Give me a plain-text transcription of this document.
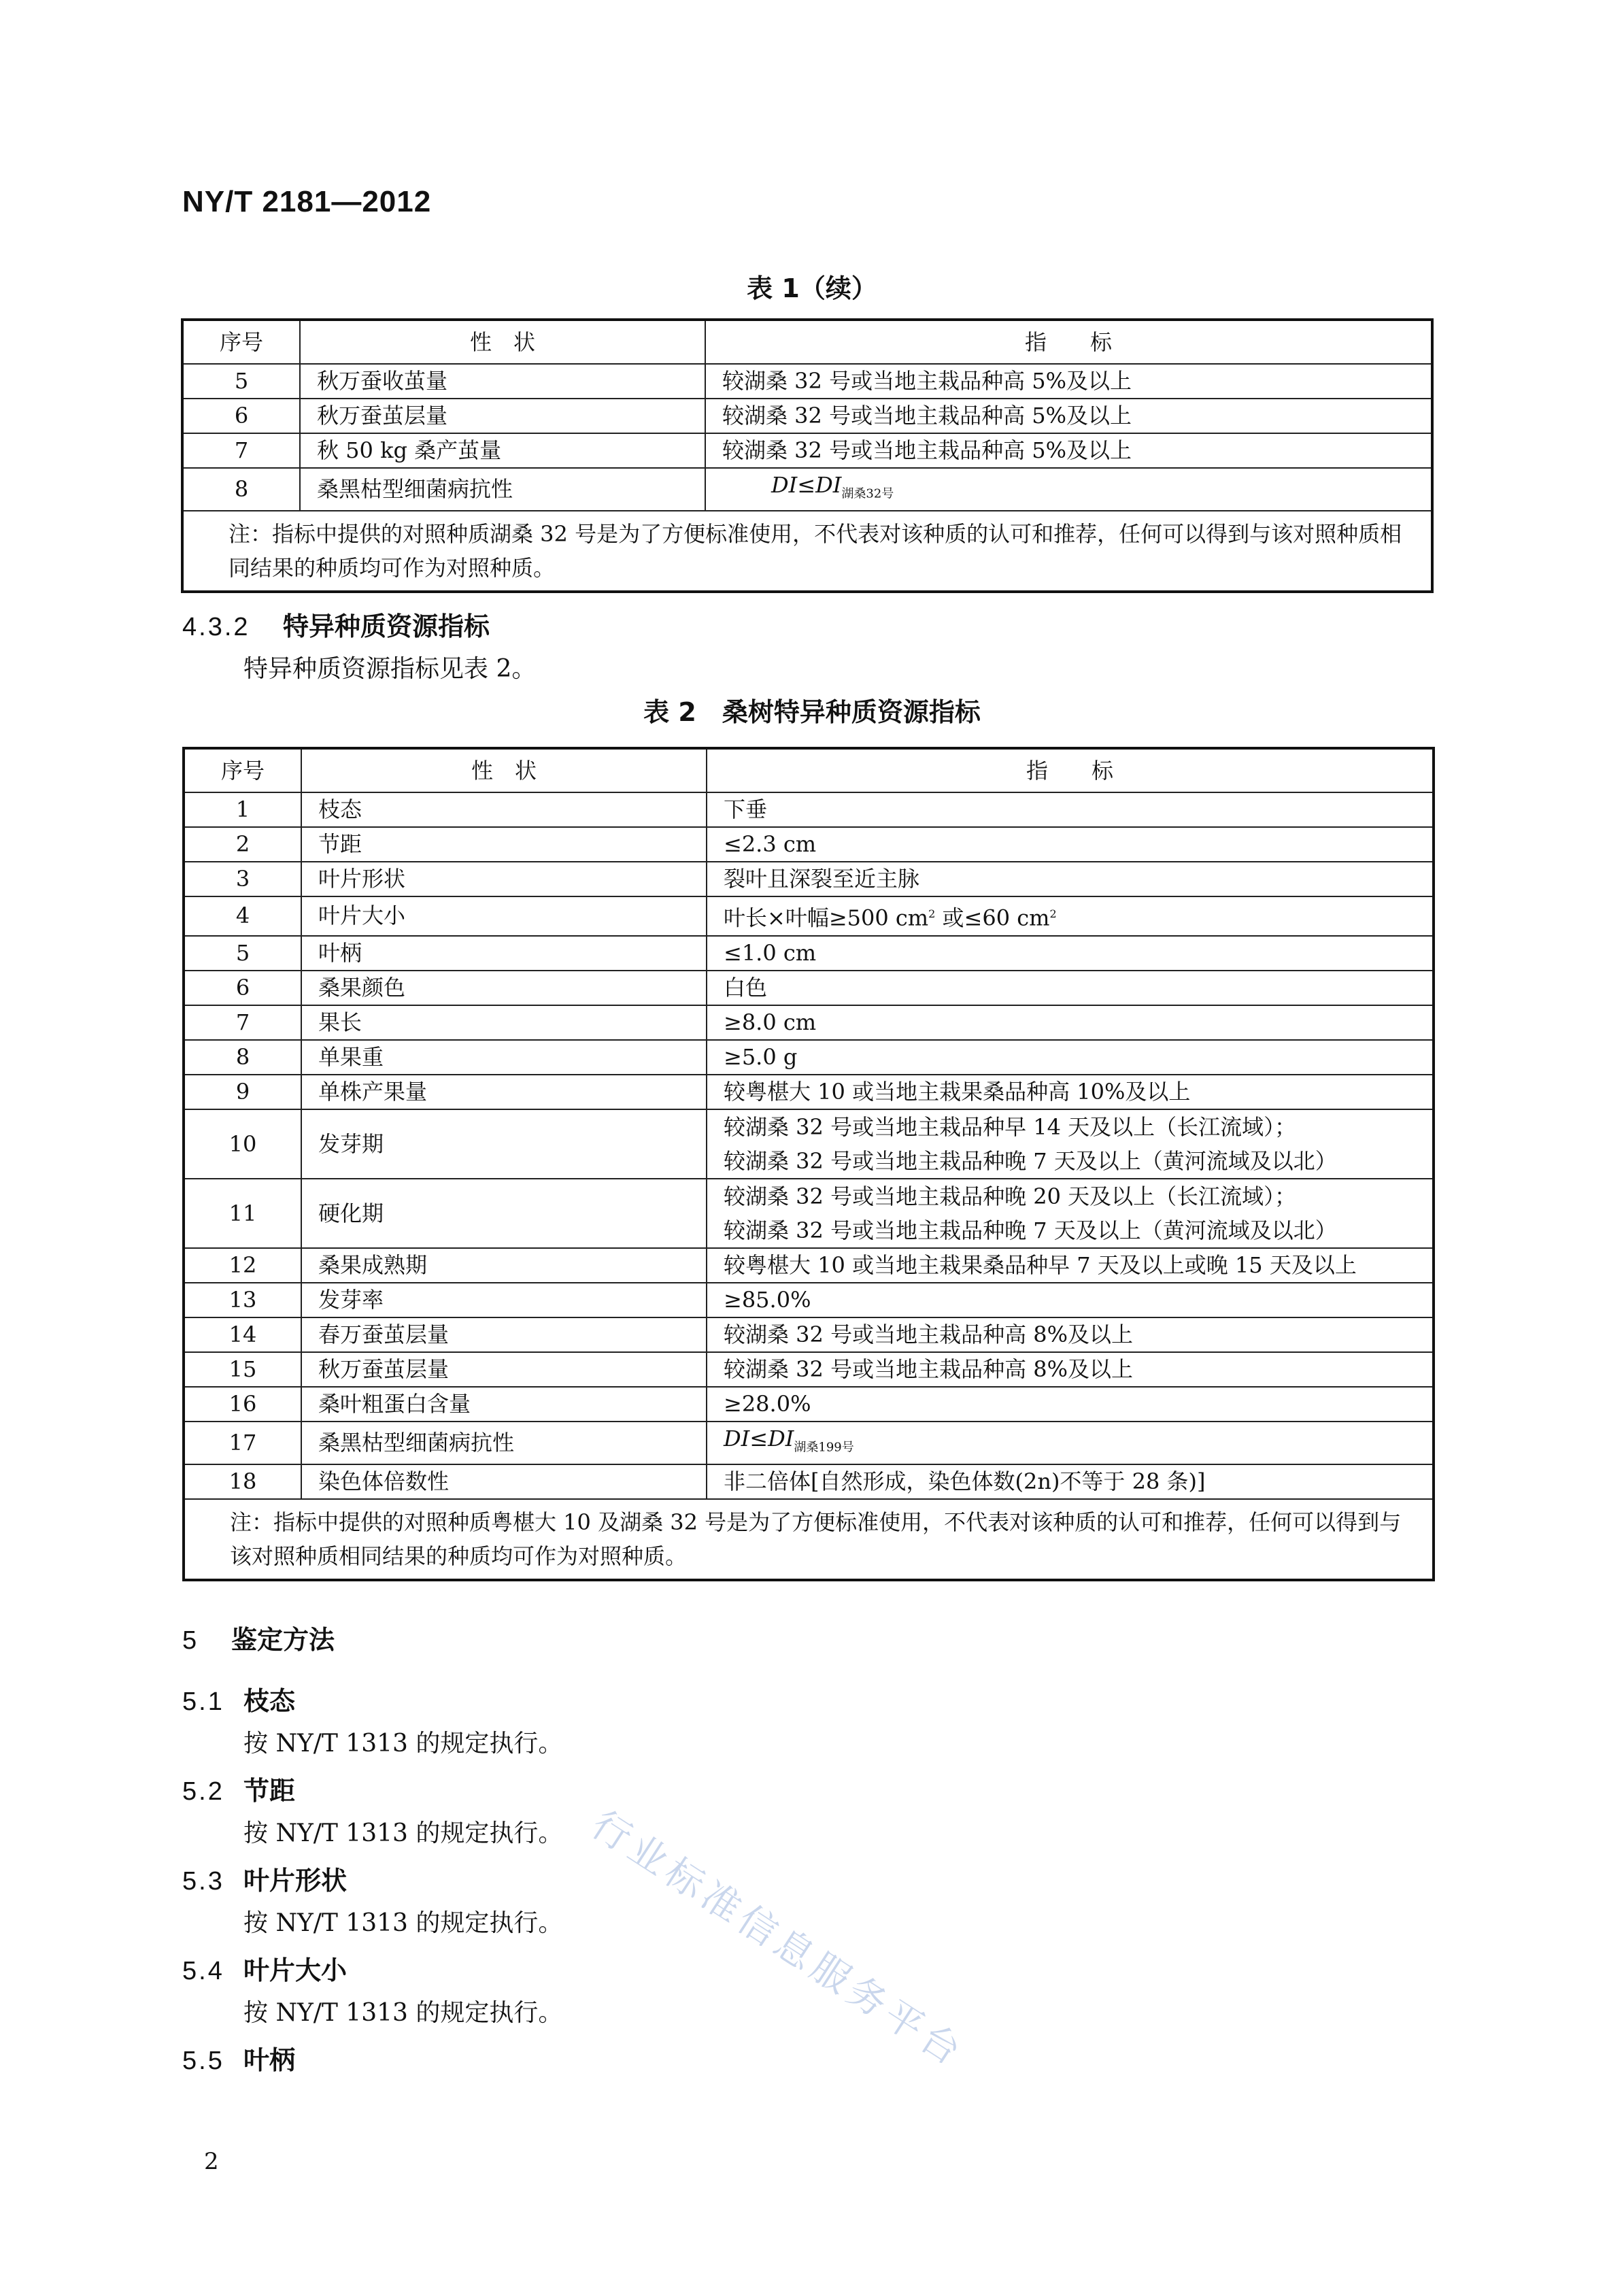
NY/T 2181—2012
表 1（续）
序号	性　状	指　　标
5	秋万蚕收茧量	较湖桑 32 号或当地主栽品种高 5%及以上
6	秋万蚕茧层量	较湖桑 32 号或当地主栽品种高 5%及以上
7	秋 50 kg 桑产茧量	较湖桑 32 号或当地主栽品种高 5%及以上
8	桑黑枯型细菌病抗性	$DI\le DI_{湖桑32号}$
注：指标中提供的对照种质湖桑 32 号是为了方便标准使用，不代表对该种质的认可和推荐，任何可以得到与该对照种质相同结果的种质均可作为对照种质。		
4.3.2 特异种质资源指标
特异种质资源指标见表 2。
表 2　桑树特异种质资源指标
序号	性　状	指　　标
1	枝态	下垂
2	节距	≤2.3 cm
3	叶片形状	裂叶且深裂至近主脉
4	叶片大小	叶长×叶幅≥500 $cm^2$ 或≤60 $cm^2$
5	叶柄	≤1.0 cm
6	桑果颜色	白色
7	果长	≥8.0 cm
8	单果重	≥5.0 g
9	单株产果量	较粤椹大 10 或当地主栽果桑品种高 10%及以上
10	发芽期	较湖桑 32 号或当地主栽品种早 14 天及以上（长江流域）；
较湖桑 32 号或当地主栽品种晚 7 天及以上（黄河流域及以北）

11	硬化期	较湖桑 32 号或当地主栽品种晚 20 天及以上（长江流域）；
较湖桑 32 号或当地主栽品种晚 7 天及以上（黄河流域及以北）

12	桑果成熟期	较粤椹大 10 或当地主栽果桑品种早 7 天及以上或晚 15 天及以上
13	发芽率	≥85.0%
14	春万蚕茧层量	较湖桑 32 号或当地主栽品种高 8%及以上
15	秋万蚕茧层量	较湖桑 32 号或当地主栽品种高 8%及以上
16	桑叶粗蛋白含量	≥28.0%
17	桑黑枯型细菌病抗性	$DI\le DI_{湖桑199号}$
18	染色体倍数性	非二倍体[自然形成，染色体数(2n)不等于 28 条)]
注：指标中提供的对照种质粤椹大 10 及湖桑 32 号是为了方便标准使用，不代表对该种质的认可和推荐，任何可以得到与该对照种质相同结果的种质均可作为对照种质。		
5 鉴定方法
5.1 枝态
按 NY/T 1313 的规定执行。
5.2 节距
按 NY/T 1313 的规定执行。
5.3 叶片形状
按 NY/T 1313 的规定执行。
5.4 叶片大小
按 NY/T 1313 的规定执行。
5.5 叶柄	行业标准信息服务平台
2
